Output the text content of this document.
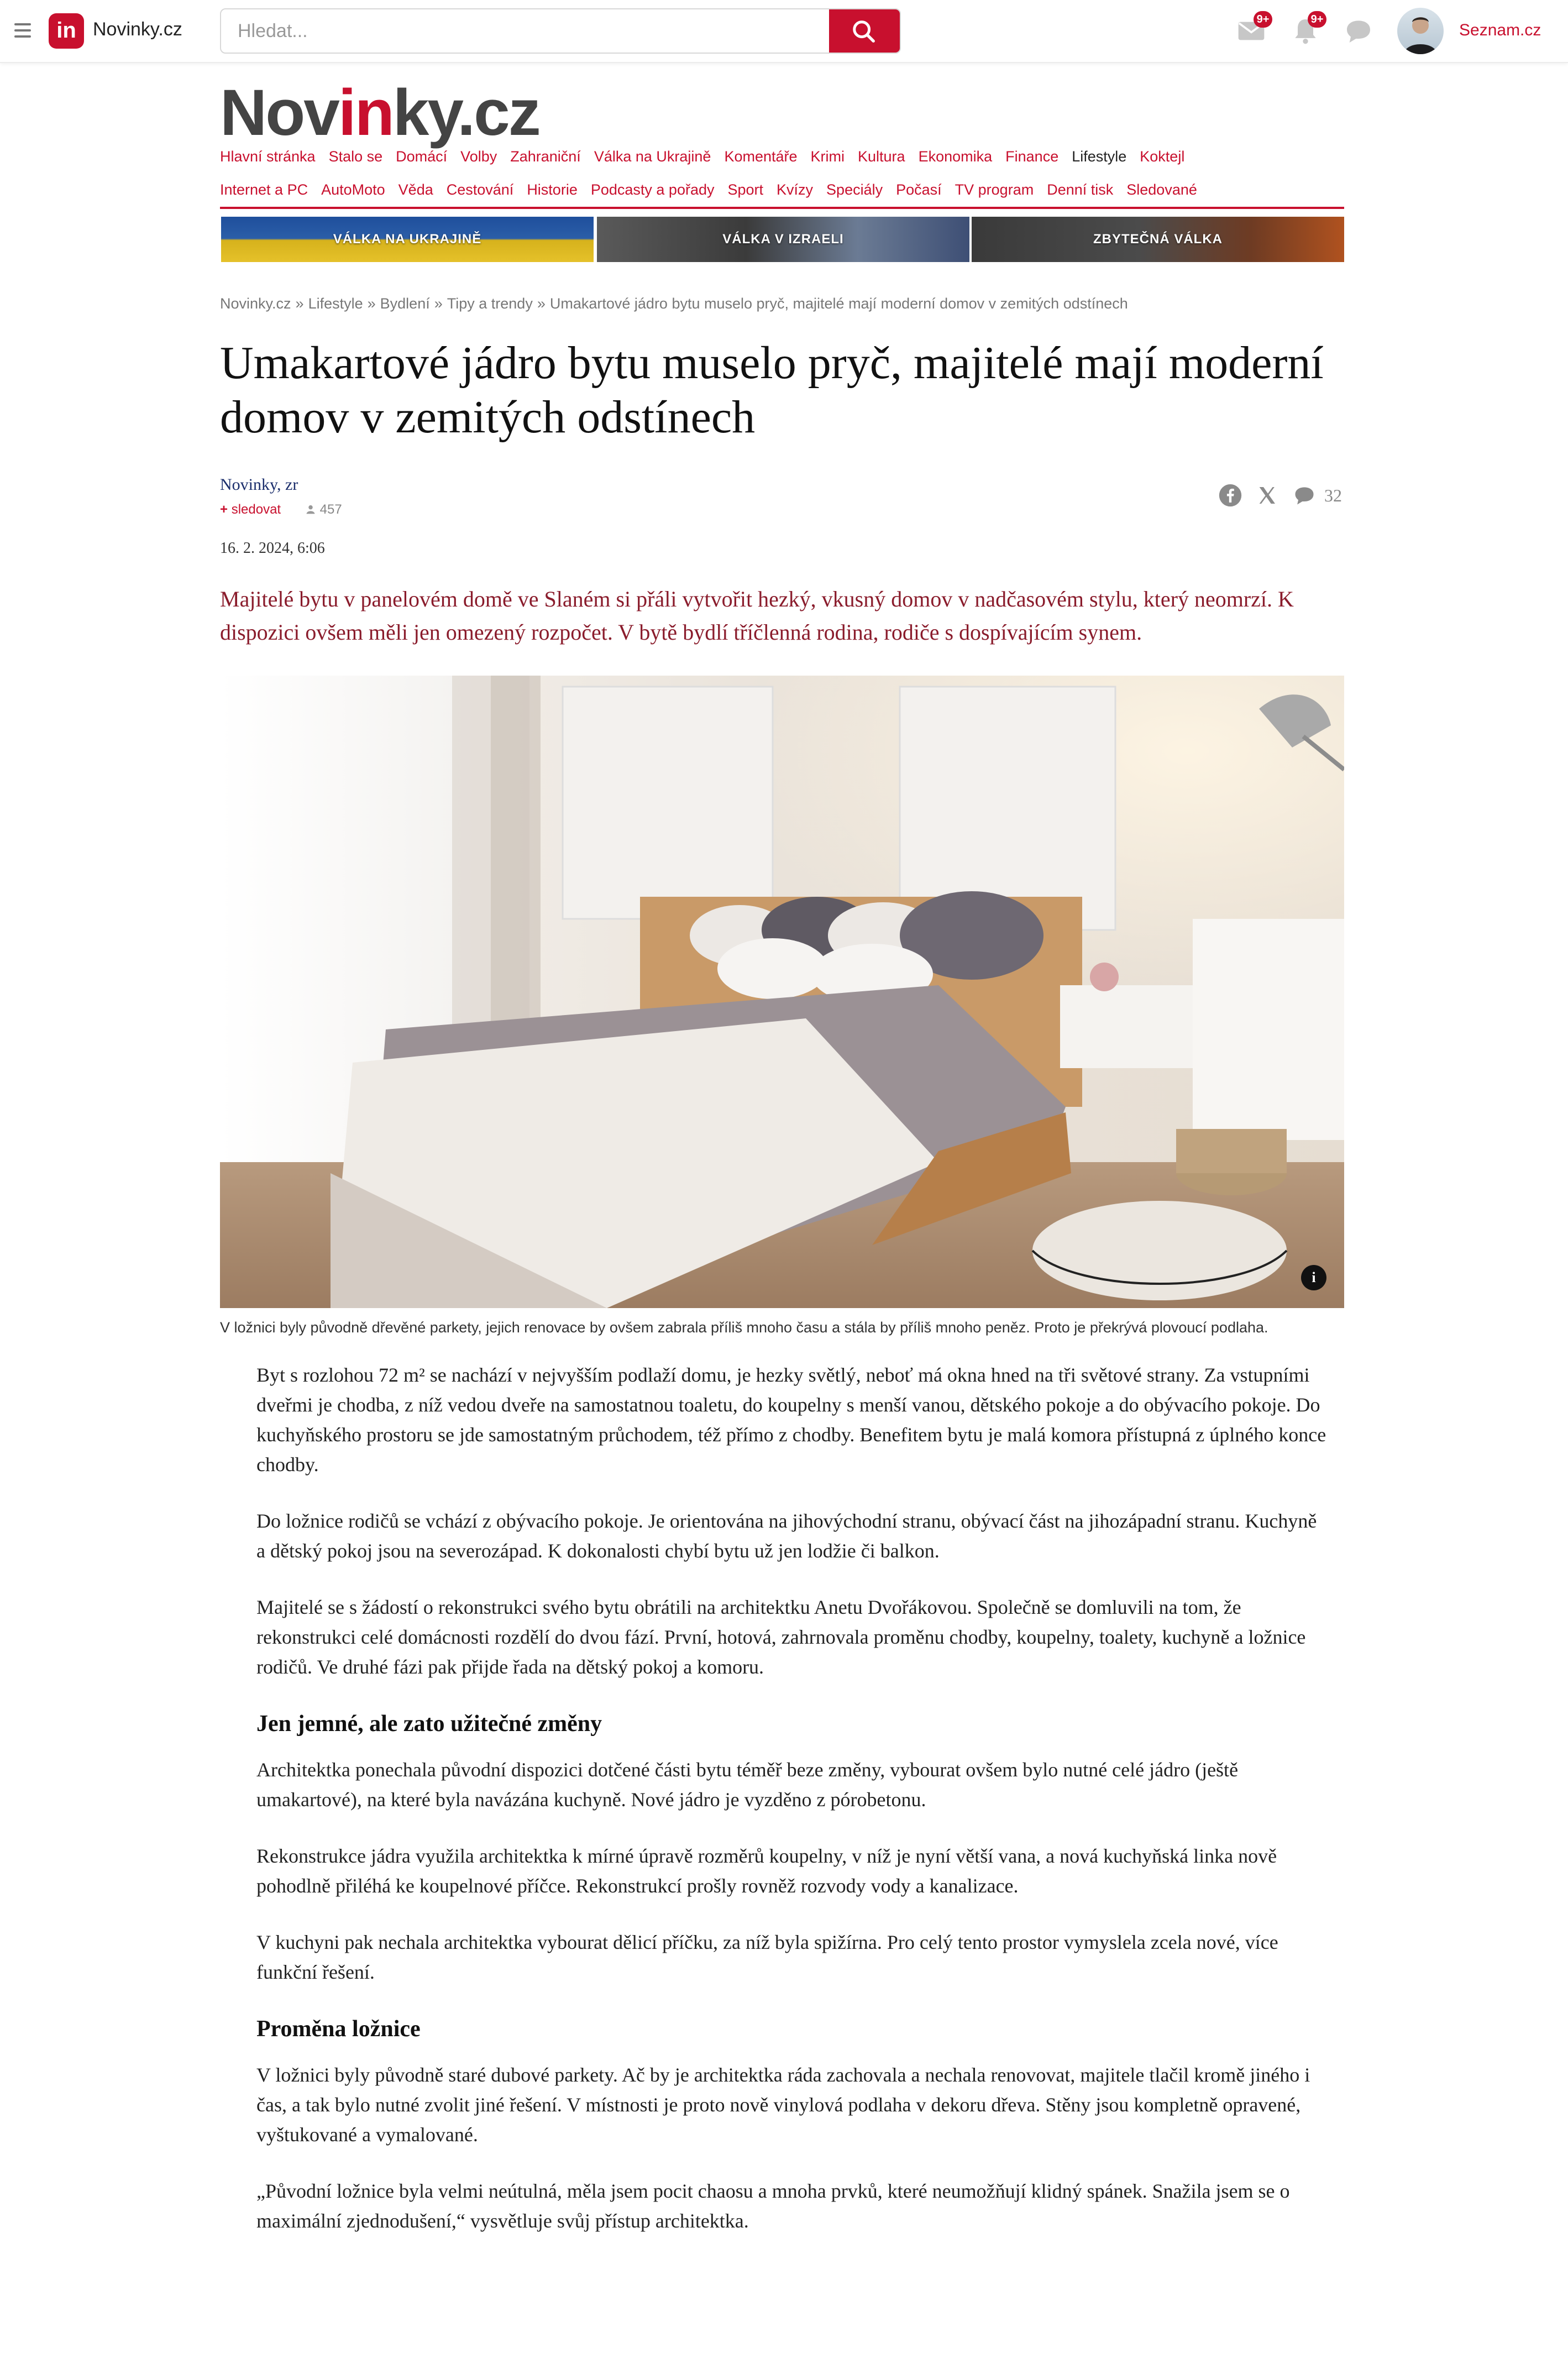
in Novinky.cz
Hledat...	9+	9+
Seznam.cz
Novinky.cz
Hlavní stránka Stalo se Domácí Volby Zahraniční Válka na Ukrajině Komentáře Krimi Kultura Ekonomika Finance Lifestyle Koktejl
Internet a PC AutoMoto Věda Cestování Historie Podcasty a pořady Sport Kvízy Speciály Počasí TV program Denní tisk Sledované
VÁLKA NA UKRAJINĚ	VÁLKA V IZRAELI	ZBYTEČNÁ VÁLKA
Novinky.cz » Lifestyle » Bydlení » Tipy a trendy » Umakartové jádro bytu muselo pryč, majitelé mají moderní domov v zemitých odstínech
Umakartové jádro bytu muselo pryč, majitelé mají moderní domov v zemitých odstínech
Novinky, zr
+ sledovat	457
32
16. 2. 2024, 6:06

Majitelé bytu v panelovém domě ve Slaném si přáli vytvořit hezký, vkusný domov v nadčasovém stylu, který neomrzí. K dispozici ovšem měli jen omezený rozpočet. V bytě bydlí tříčlenná rodina, rodiče s dospívajícím synem.

i
V ložnici byly původně dřevěné parkety, jejich renovace by ovšem zabrala příliš mnoho času a stála by příliš mnoho peněz. Proto je překrývá plovoucí podlaha.

Byt s rozlohou 72 m² se nachází v nejvyšším podlaží domu, je hezky světlý, neboť má okna hned na tři světové strany. Za vstupními dveřmi je chodba, z níž vedou dveře na samostatnou toaletu, do koupelny s menší vanou, dětského pokoje a do obývacího pokoje. Do kuchyňského prostoru se jde samostatným průchodem, též přímo z chodby. Benefitem bytu je malá komora přístupná z úplného konce chodby.

Do ložnice rodičů se vchází z obývacího pokoje. Je orientována na jihovýchodní stranu, obývací část na jihozápadní stranu. Kuchyně a dětský pokoj jsou na severozápad. K dokonalosti chybí bytu už jen lodžie či balkon.

Majitelé se s žádostí o rekonstrukci svého bytu obrátili na architektku Anetu Dvořákovou. Společně se domluvili na tom, že rekonstrukci celé domácnosti rozdělí do dvou fází. První, hotová, zahrnovala proměnu chodby, koupelny, toalety, kuchyně a ložnice rodičů. Ve druhé fázi pak přijde řada na dětský pokoj a komoru.

Jen jemné, ale zato užitečné změny

Architektka ponechala původní dispozici dotčené části bytu téměř beze změny, vybourat ovšem bylo nutné celé jádro (ještě umakartové), na které byla navázána kuchyně. Nové jádro je vyzděno z pórobetonu.

Rekonstrukce jádra využila architektka k mírné úpravě rozměrů koupelny, v níž je nyní větší vana, a nová kuchyňská linka nově pohodlně přiléhá ke koupelnové příčce. Rekonstrukcí prošly rovněž rozvody vody a kanalizace.

V kuchyni pak nechala architektka vybourat dělicí příčku, za níž byla spižírna. Pro celý tento prostor vymyslela zcela nové, více funkční řešení.

Proměna ložnice

V ložnici byly původně staré dubové parkety. Ač by je architektka ráda zachovala a nechala renovovat, majitele tlačil kromě jiného i čas, a tak bylo nutné zvolit jiné řešení. V místnosti je proto nově vinylová podlaha v dekoru dřeva. Stěny jsou kompletně opravené, vyštukované a vymalované.

„Původní ložnice byla velmi neútulná, měla jsem pocit chaosu a mnoha prvků, které neumožňují klidný spánek. Snažila jsem se o maximální zjednodušení,“ vysvětluje svůj přístup architektka.
